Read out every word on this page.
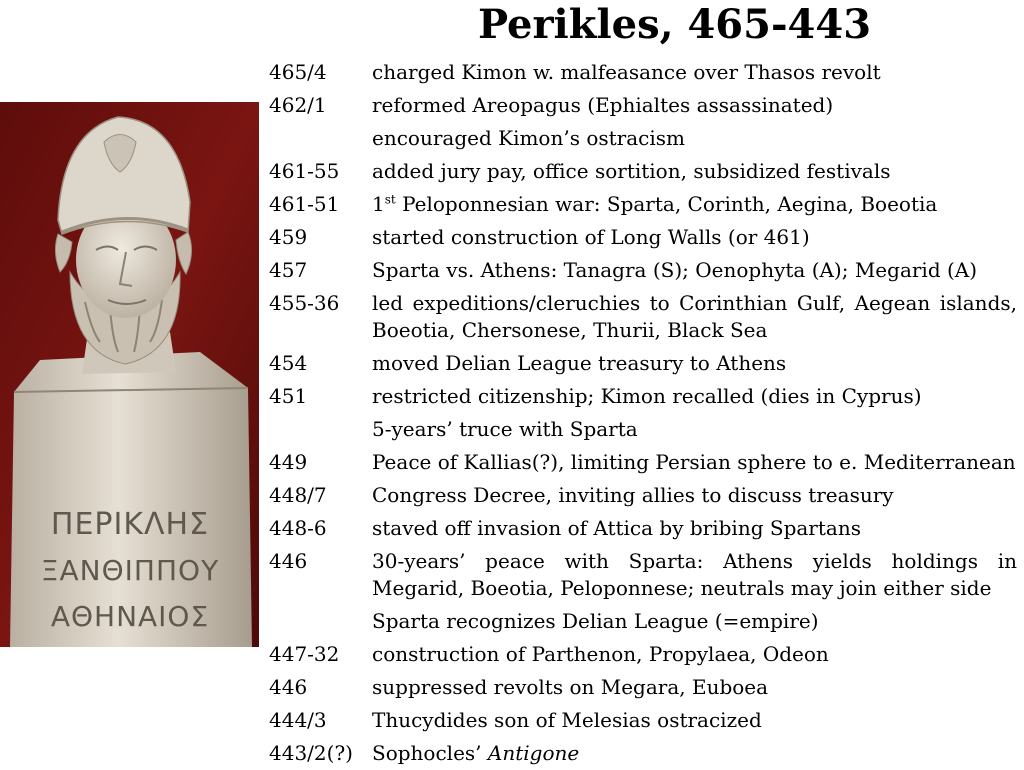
Perikles, 465-443
ΠΕΡΙΚΛΗΣ
ΞΑΝΘΙΠΠΟΥ
ΑΘΗΝΑΙΟΣ
465/4	charged Kimon w. malfeasance over Thasos revolt
462/1	reformed Areopagus (Ephialtes assassinated)
encouraged Kimon’s ostracism
461-55	added jury pay, office sortition, subsidized festivals
461-51	1st Peloponnesian war: Sparta, Corinth, Aegina, Boeotia
459	started construction of Long Walls (or 461)
457	Sparta vs. Athens: Tanagra (S); Oenophyta (A); Megarid (A)
455-36	led expeditions/cleruchies to Corinthian Gulf, Aegean islands, Boeotia, Chersonese, Thurii, Black Sea
454	moved Delian League treasury to Athens
451	restricted citizenship; Kimon recalled (dies in Cyprus)
5-years’ truce with Sparta
449	Peace of Kallias(?), limiting Persian sphere to e. Mediterranean
448/7	Congress Decree, inviting allies to discuss treasury
448-6	staved off invasion of Attica by bribing Spartans
446	30-years’ peace with Sparta: Athens yields holdings in Megarid, Boeotia, Peloponnese; neutrals may join either side
Sparta recognizes Delian League (=empire)
447-32	construction of Parthenon, Propylaea, Odeon
446	suppressed revolts on Megara, Euboea
444/3	Thucydides son of Melesias ostracized
443/2(?) Sophocles’ Antigone
